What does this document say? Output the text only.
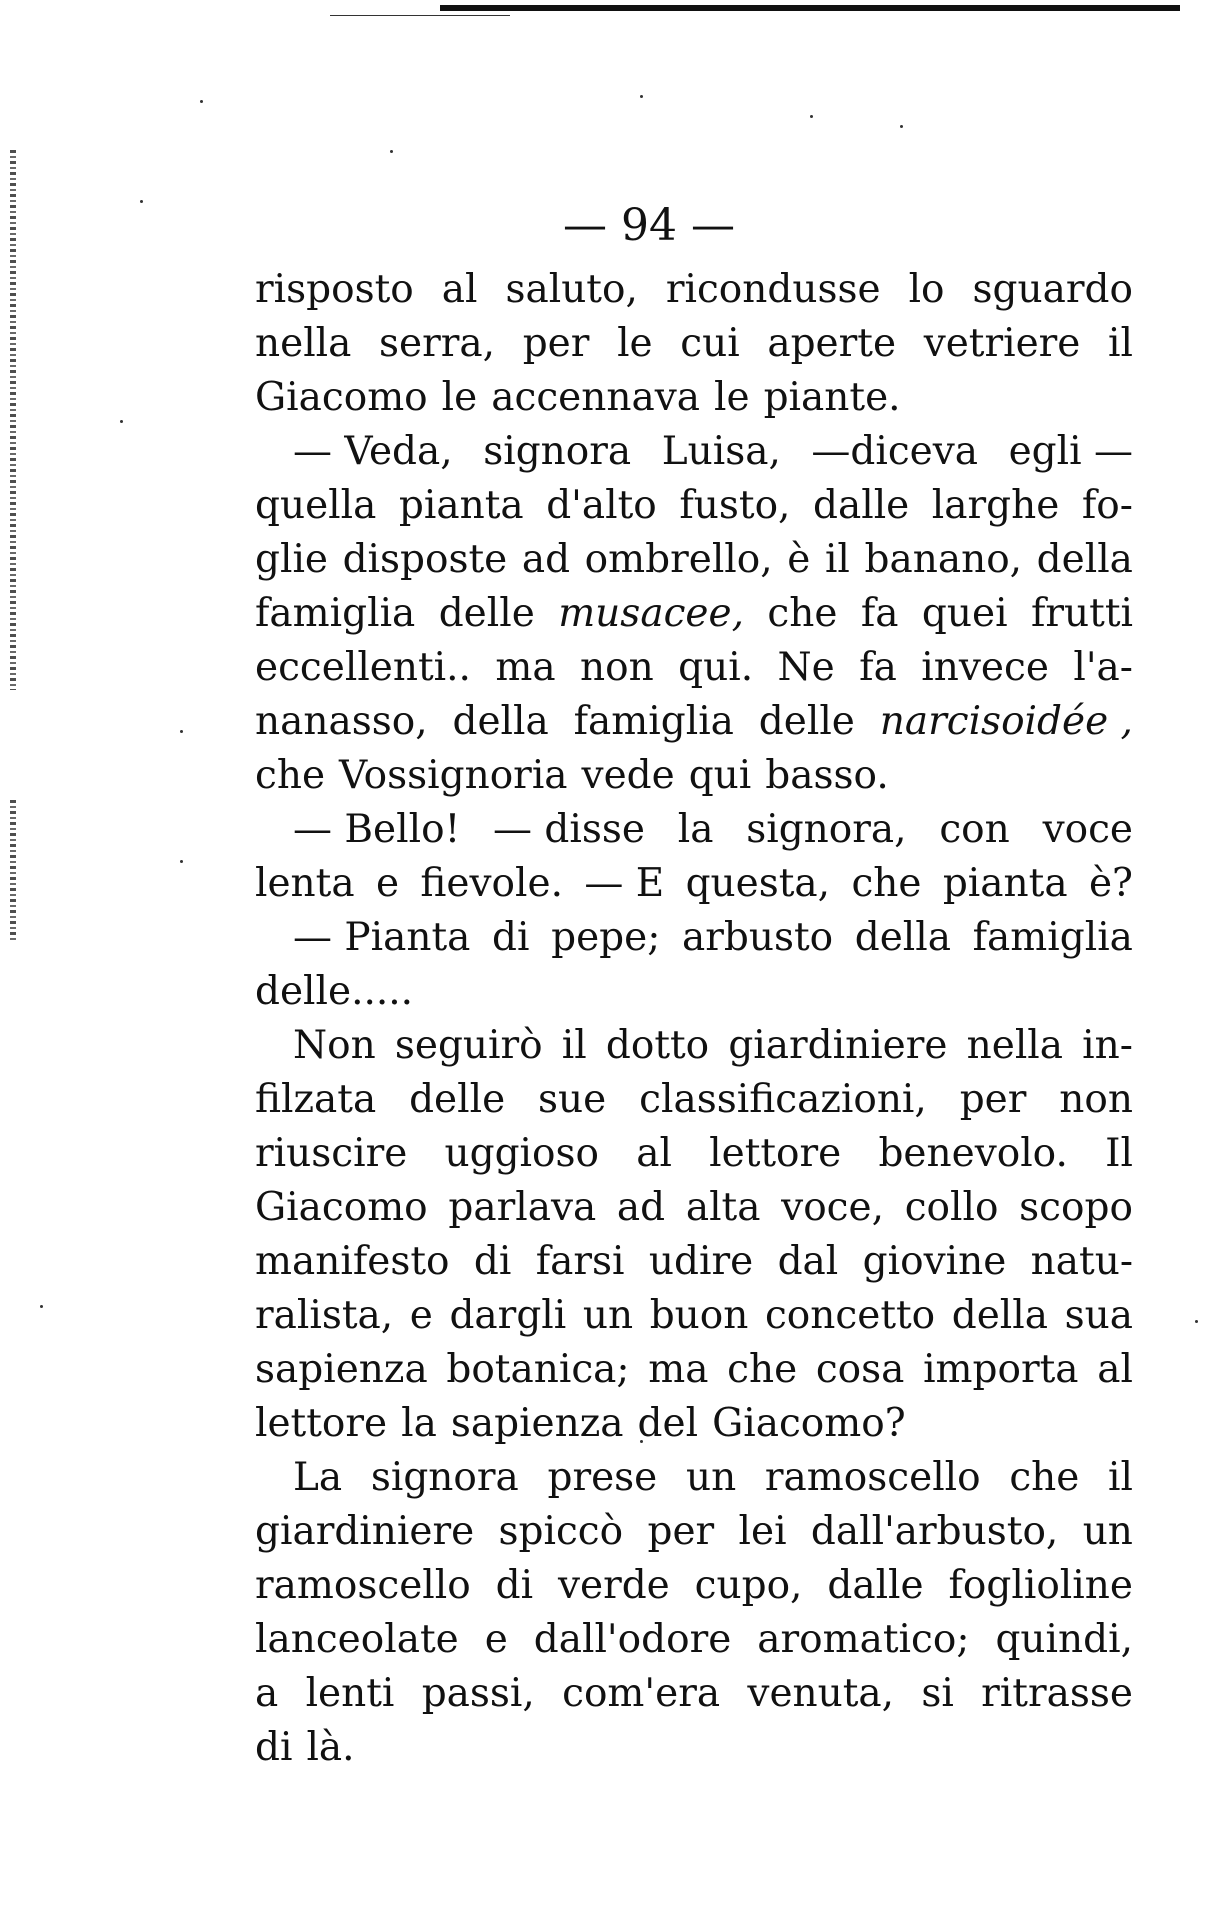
— 94 —
risposto al saluto, ricondusse lo sguardo
nella serra, per le cui aperte vetriere il
Giacomo le accennava le piante.
— Veda, signora Luisa, —diceva egli —
quella pianta d'alto fusto, dalle larghe fo-
glie disposte ad ombrello, è il banano, della
famiglia delle musacee, che fa quei frutti
eccellenti.. ma non qui. Ne fa invece l'a-
nanasso, della famiglia delle narcisoidée ,
che Vossignoria vede qui basso.
— Bello! — disse la signora, con voce
lenta e fievole. — E questa, che pianta è?
— Pianta di pepe; arbusto della famiglia
delle.....
Non seguirò il dotto giardiniere nella in-
filzata delle sue classificazioni, per non
riuscire uggioso al lettore benevolo. Il
Giacomo parlava ad alta voce, collo scopo
manifesto di farsi udire dal giovine natu-
ralista, e dargli un buon concetto della sua
sapienza botanica; ma che cosa importa al
lettore la sapienza del Giacomo?
La signora prese un ramoscello che il
giardiniere spiccò per lei dall'arbusto, un
ramoscello di verde cupo, dalle foglioline
lanceolate e dall'odore aromatico; quindi,
a lenti passi, com'era venuta, si ritrasse
di là.
